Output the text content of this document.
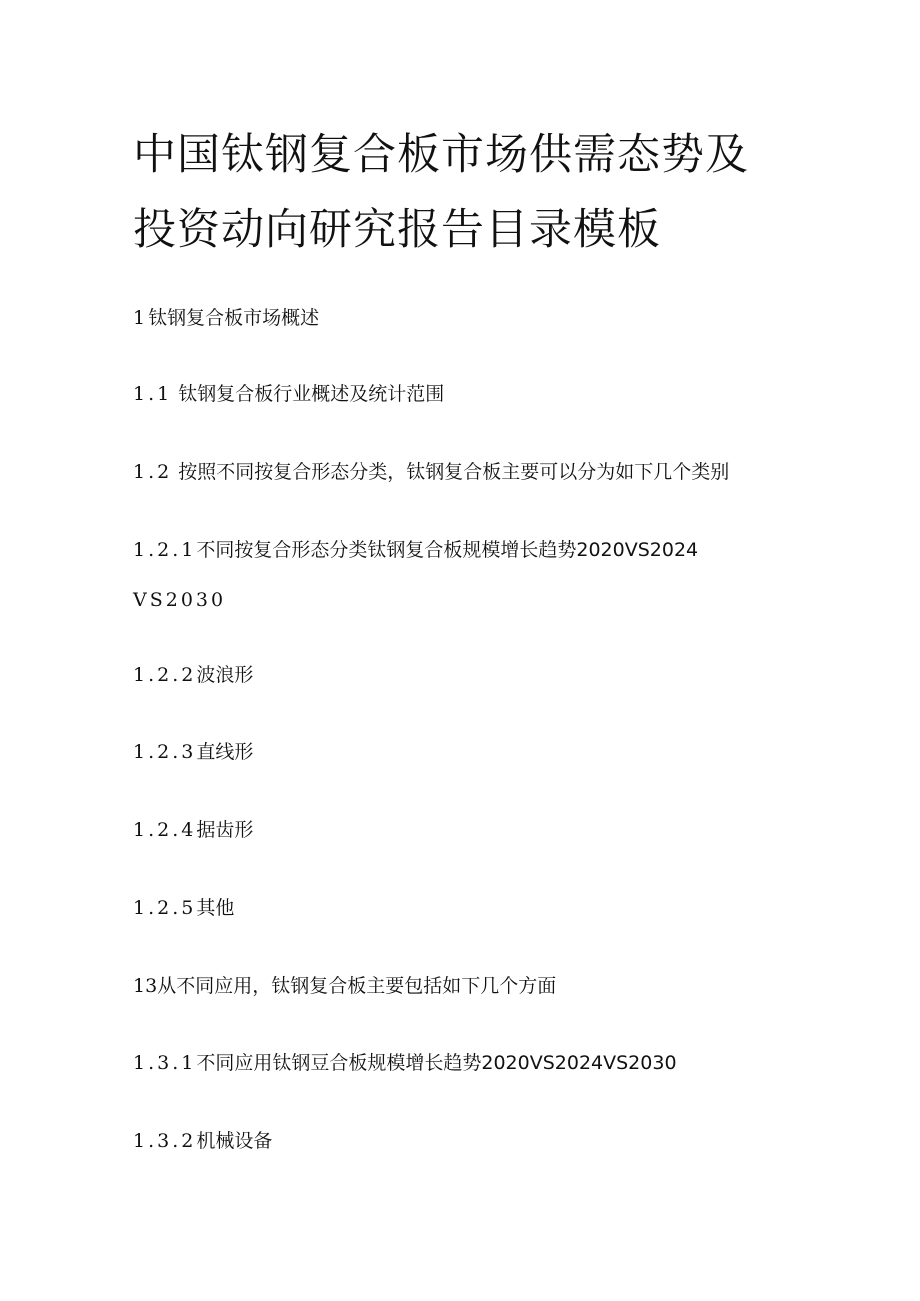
中国钛钢复合板市场供需态势及投资动向研究报告目录模板
1钛钢复合板市场概述
1.1 钛钢复合板行业概述及统计范围
1.2 按照不同按复合形态分类，钛钢复合板主要可以分为如下几个类别
1.2.1不同按复合形态分类钛钢复合板规模增长趋势2020VS2024
VS2030
1.2.2波浪形
1.2.3直线形
1.2.4据齿形
1.2.5其他
13从不同应用，钛钢复合板主要包括如下几个方面
1.3.1不同应用钛钢豆合板规模增长趋势2020VS2024VS2030
1.3.2机械设备
